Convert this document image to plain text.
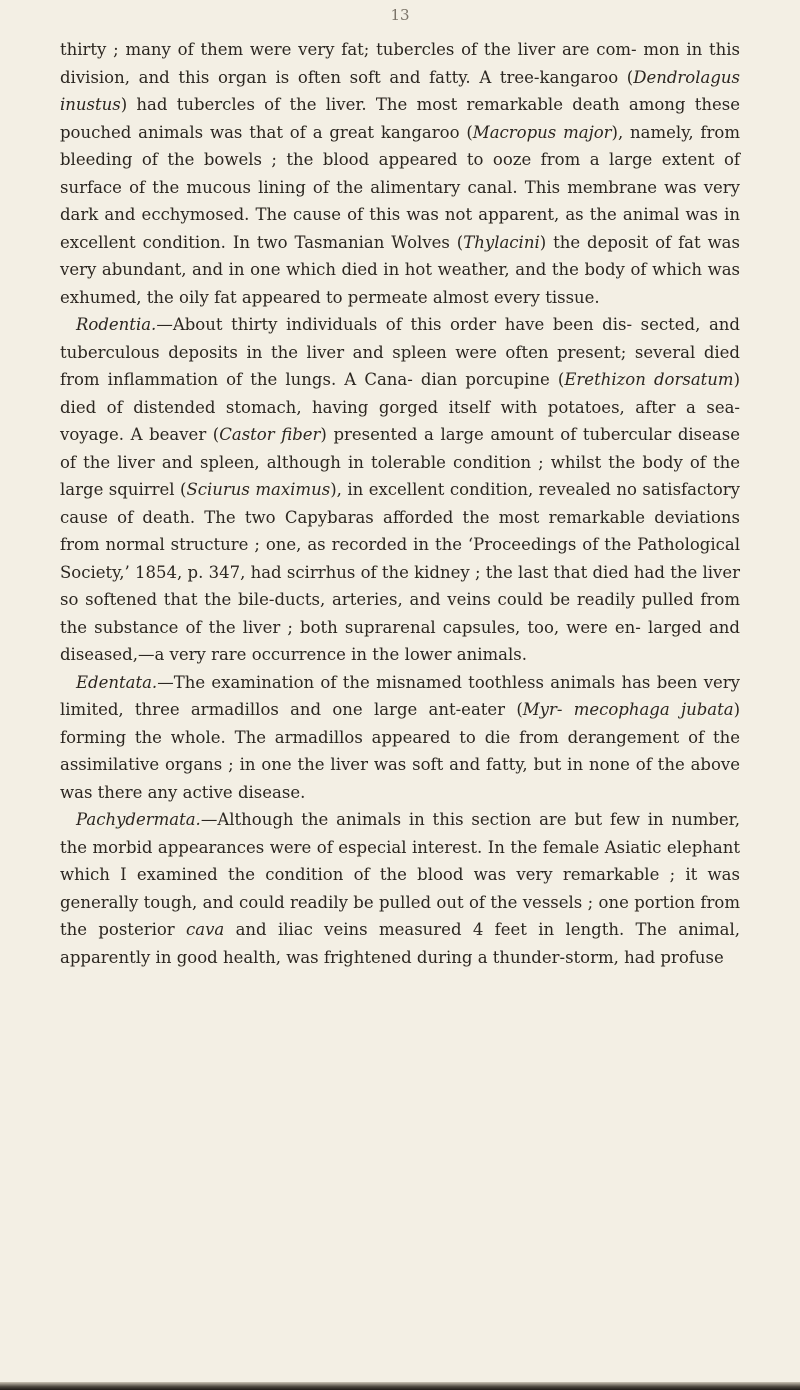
13

thirty ; many of them were very fat; tubercles of the liver are com- mon in this division, and this organ is often soft and fatty. A tree-kangaroo (Dendrolagus inustus) had tubercles of the liver. The most remarkable death among these pouched animals was that of a great kangaroo (Macropus major), namely, from bleeding of the bowels ; the blood appeared to ooze from a large extent of surface of the mucous lining of the alimentary canal. This membrane was very dark and ecchymosed. The cause of this was not apparent, as the animal was in excellent condition. In two Tasmanian Wolves (Thylacini) the deposit of fat was very abundant, and in one which died in hot weather, and the body of which was exhumed, the oily fat appeared to permeate almost every tissue.

Rodentia.—About thirty individuals of this order have been dis- sected, and tuberculous deposits in the liver and spleen were often present; several died from inflammation of the lungs. A Cana- dian porcupine (Erethizon dorsatum) died of distended stomach, having gorged itself with potatoes, after a sea-voyage. A beaver (Castor fiber) presented a large amount of tubercular disease of the liver and spleen, although in tolerable condition ; whilst the body of the large squirrel (Sciurus maximus), in excellent condition, revealed no satisfactory cause of death. The two Capybaras afforded the most remarkable deviations from normal structure ; one, as recorded in the ‘Proceedings of the Pathological Society,’ 1854, p. 347, had scirrhus of the kidney ; the last that died had the liver so softened that the bile-ducts, arteries, and veins could be readily pulled from the substance of the liver ; both suprarenal capsules, too, were en- larged and diseased,—a very rare occurrence in the lower animals.

Edentata.—The examination of the misnamed toothless animals has been very limited, three armadillos and one large ant-eater (Myr- mecophaga jubata) forming the whole. The armadillos appeared to die from derangement of the assimilative organs ; in one the liver was soft and fatty, but in none of the above was there any active disease.

Pachydermata.—Although the animals in this section are but few in number, the morbid appearances were of especial interest. In the female Asiatic elephant which I examined the condition of the blood was very remarkable ; it was generally tough, and could readily be pulled out of the vessels ; one portion from the posterior cava and iliac veins measured 4 feet in length. The animal, apparently in good health, was frightened during a thunder-storm, had profuse
